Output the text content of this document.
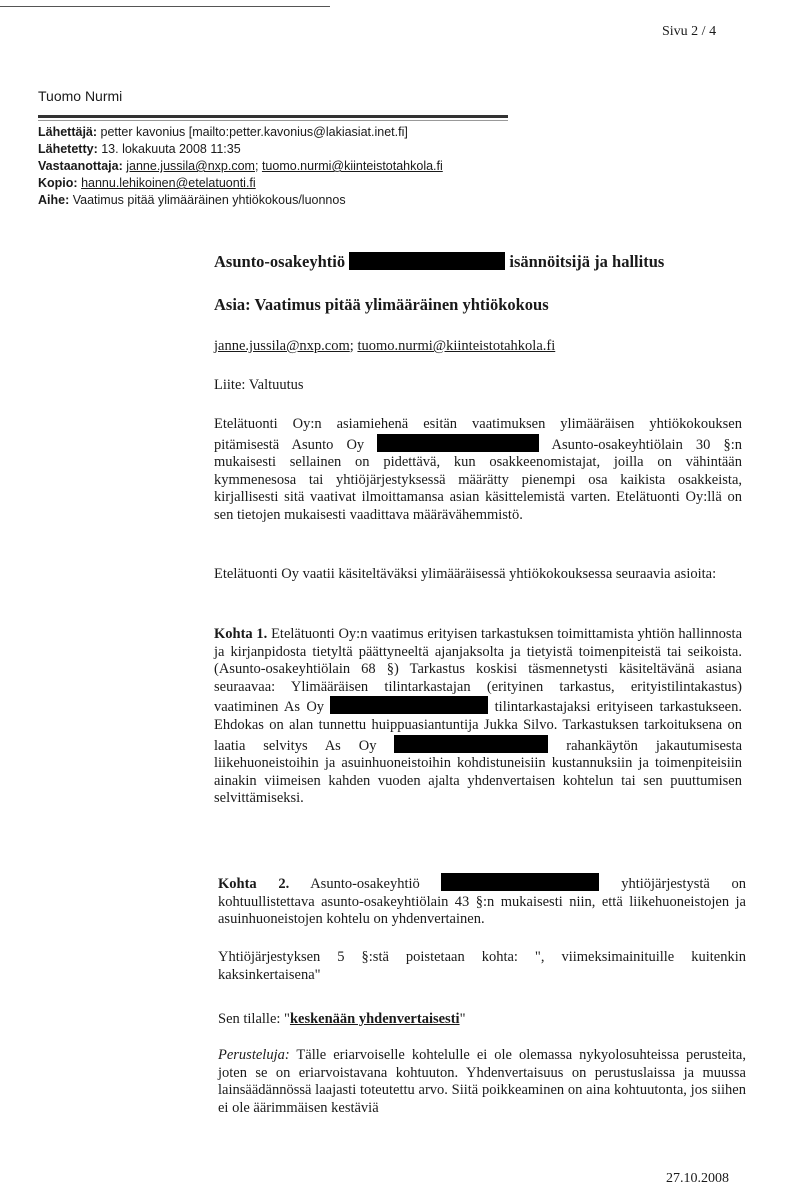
Sivu 2 / 4
Tuomo Nurmi
Lähettäjä: petter kavonius [mailto:petter.kavonius@lakiasiat.inet.fi]
Lähetetty: 13. lokakuuta 2008 11:35
Vastaanottaja: janne.jussila@nxp.com; tuomo.nurmi@kiinteistotahkola.fi
Kopio: hannu.lehikoinen@etelatuonti.fi
Aihe: Vaatimus pitää ylimääräinen yhtiökokous/luonnos
Asunto-osakeyhtiö	isännöitsijä ja hallitus
Asia: Vaatimus pitää ylimääräinen yhtiökokous
janne.jussila@nxp.com; tuomo.nurmi@kiinteistotahkola.fi
Liite: Valtuutus
Etelätuonti Oy:n asiamiehenä esitän vaatimuksen ylimääräisen yhtiökokouksen pitämisestä Asunto Oy	Asunto-osakeyhtiölain 30 §:n mukaisesti sellainen on pidettävä, kun osakkeenomistajat, joilla on vähintään kymmenesosa tai yhtiöjärjestyksessä määrätty pienempi osa kaikista osakkeista, kirjallisesti sitä vaativat ilmoittamansa asian käsittelemistä varten. Etelätuonti Oy:llä on sen tietojen mukaisesti vaadittava määrävähemmistö.
Etelätuonti Oy vaatii käsiteltäväksi ylimääräisessä yhtiökokouksessa seuraavia asioita:
Kohta 1. Etelätuonti Oy:n vaatimus erityisen tarkastuksen toimittamista yhtiön hallinnosta ja kirjanpidosta tietyltä päättyneeltä ajanjaksolta ja tietyistä toimenpiteistä tai seikoista. (Asunto-osakeyhtiölain 68 §) Tarkastus koskisi täsmennetysti käsiteltävänä asiana seuraavaa: Ylimääräisen tilintarkastajan (erityinen tarkastus, erityistilintakastus) vaatiminen As Oy	tilintarkastajaksi erityiseen tarkastukseen. Ehdokas on alan tunnettu huippuasiantuntija Jukka Silvo. Tarkastuksen tarkoituksena on laatia selvitys As Oy	rahankäytön jakautumisesta liikehuoneistoihin ja asuinhuoneistoihin kohdistuneisiin kustannuksiin ja toimenpiteisiin ainakin viimeisen kahden vuoden ajalta yhdenvertaisen kohtelun tai sen puuttumisen selvittämiseksi.
Kohta 2. Asunto-osakeyhtiö	yhtiöjärjestystä on kohtuullistettava asunto-osakeyhtiölain 43 §:n mukaisesti niin, että liikehuoneistojen ja asuinhuoneistojen kohtelu on yhdenvertainen.
Yhtiöjärjestyksen 5 §:stä poistetaan kohta: ", viimeksimainituille kuitenkin kaksinkertaisena"
Sen tilalle: "keskenään yhdenvertaisesti"
Perusteluja: Tälle eriarvoiselle kohtelulle ei ole olemassa nykyolosuhteissa perusteita, joten se on eriarvoistavana kohtuuton. Yhdenvertaisuus on perustuslaissa ja muussa lainsäädännössä laajasti toteutettu arvo. Siitä poikkeaminen on aina kohtuutonta, jos siihen ei ole äärimmäisen kestäviä
27.10.2008
